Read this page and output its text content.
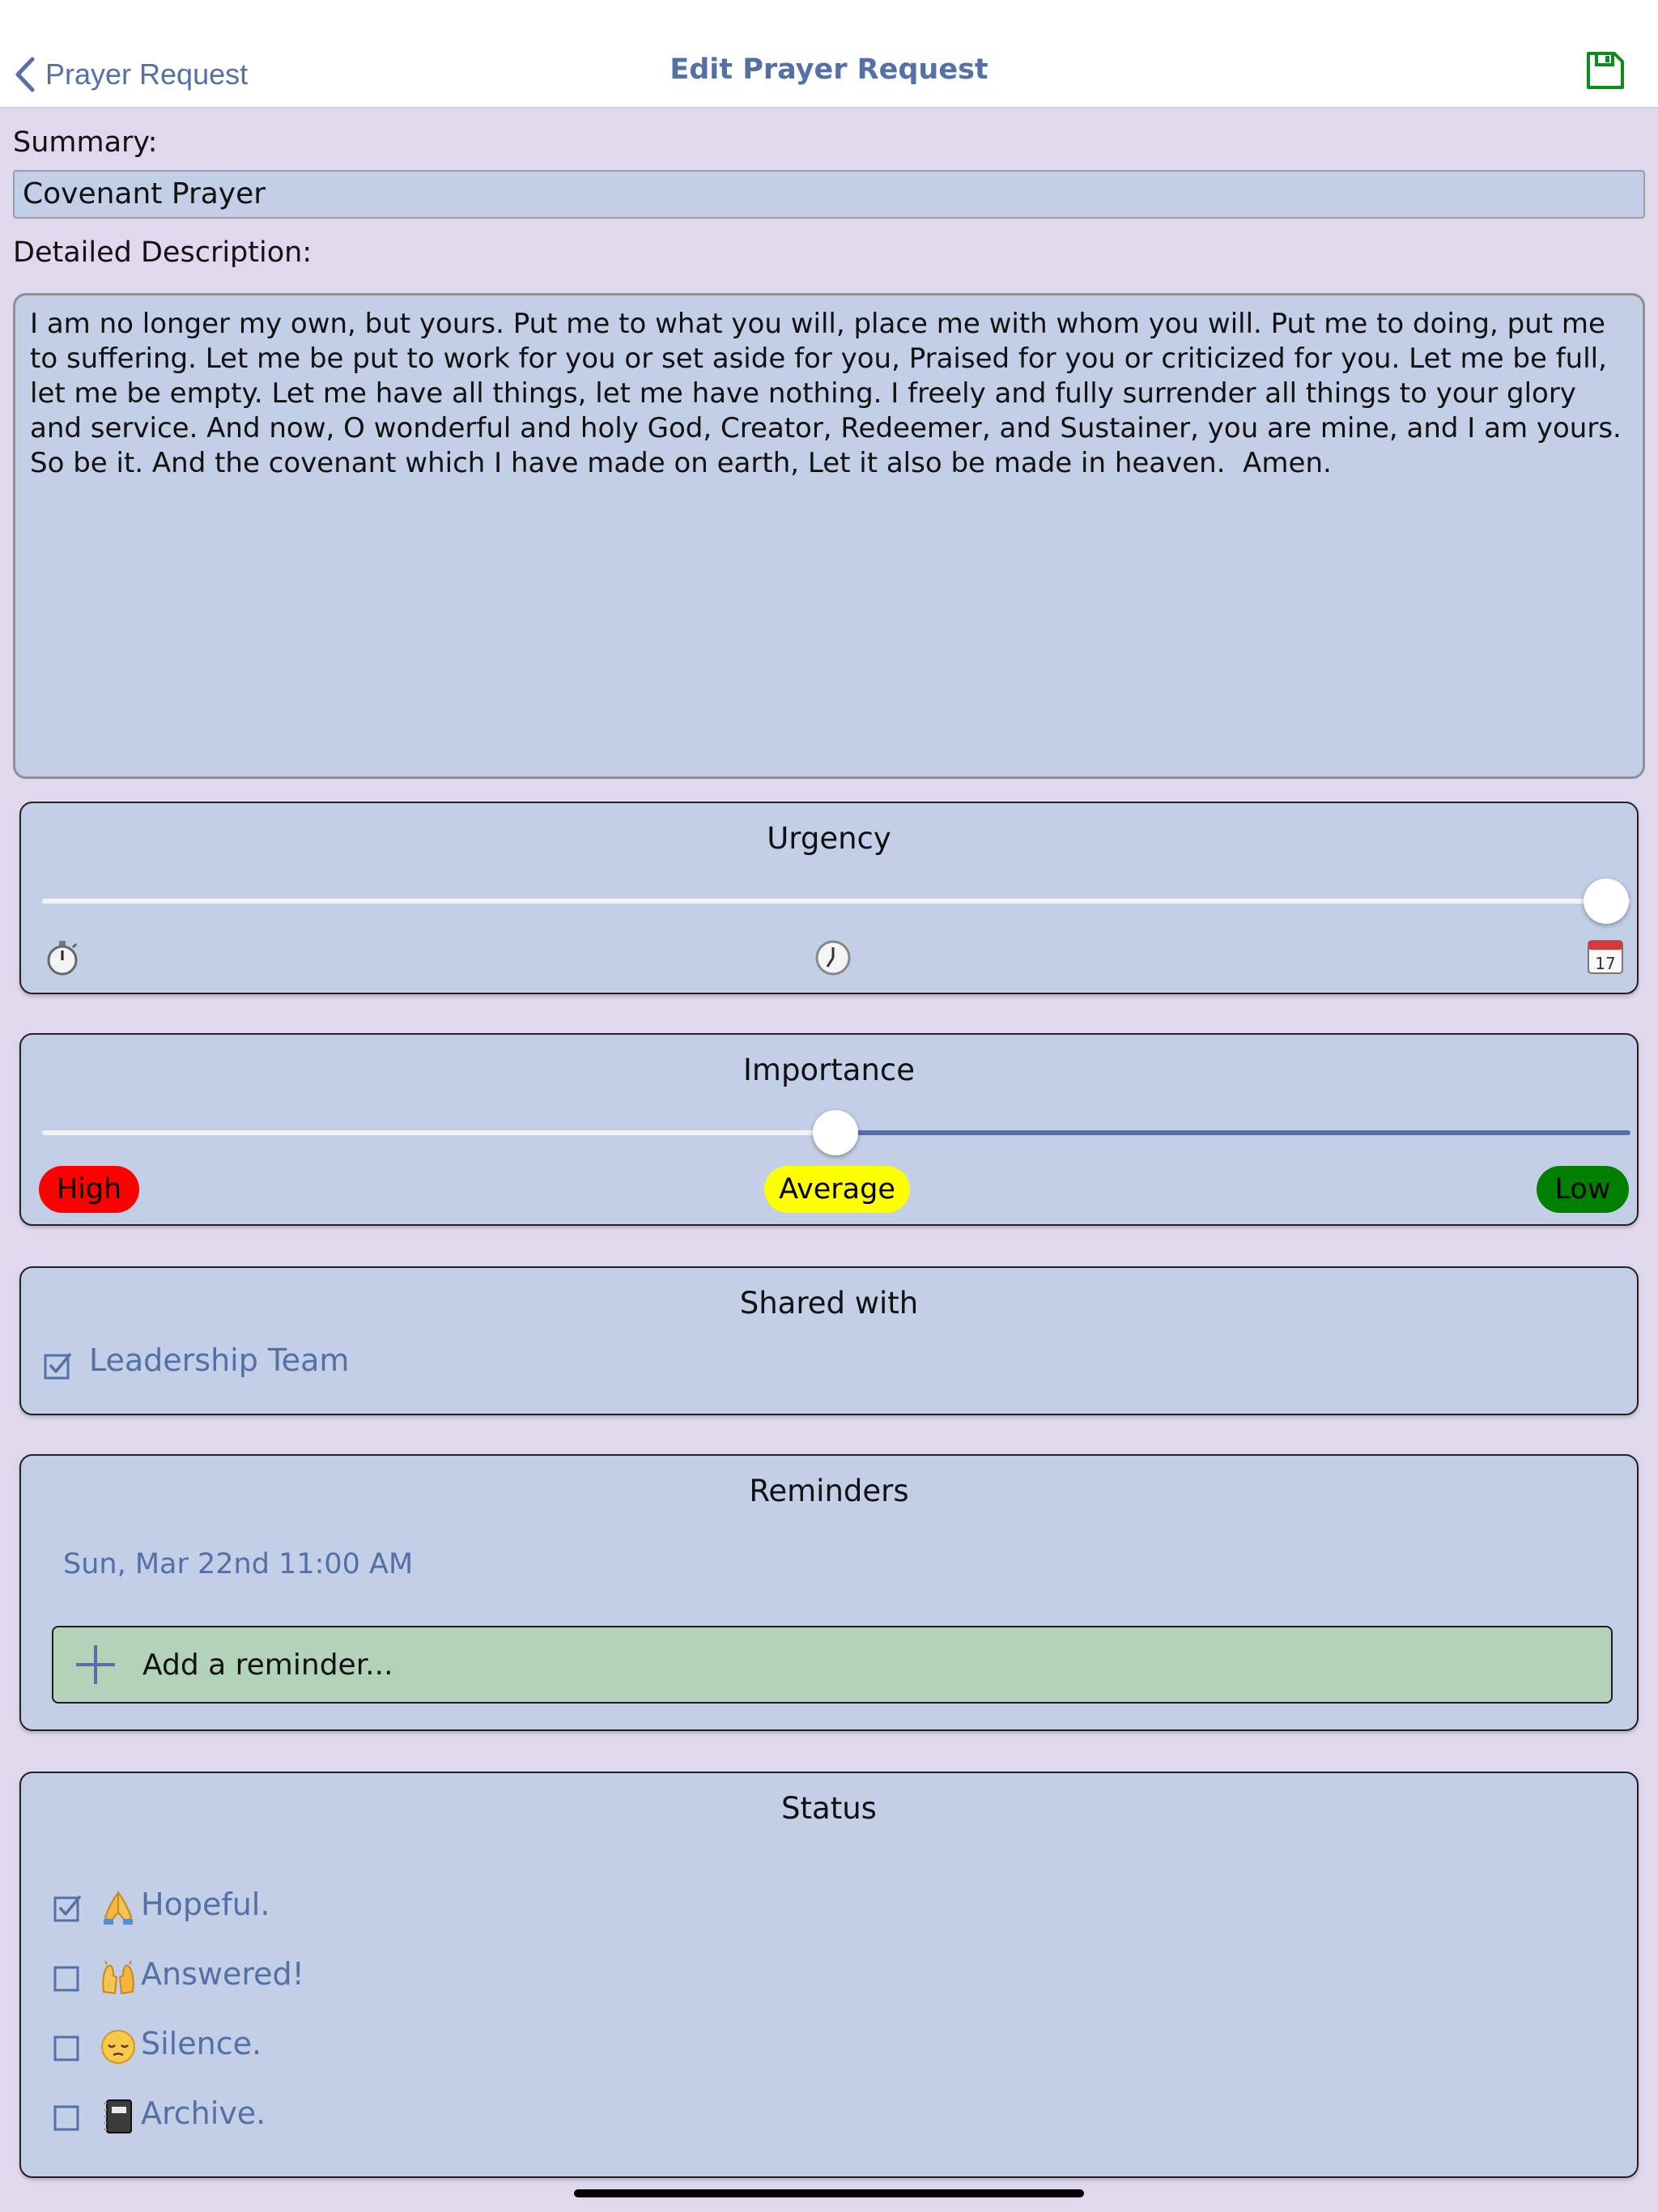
Prayer Request	Edit Prayer Request
Summary:
Covenant Prayer
Detailed Description:
I am no longer my own, but yours. Put me to what you will, place me with whom you will. Put me to doing, put me to suffering. Let me be put to work for you or set aside for you, Praised for you or criticized for you. Let me be full, let me be empty. Let me have all things, let me have nothing. I freely and fully surrender all things to your glory and service. And now, O wonderful and holy God, Creator, Redeemer, and Sustainer, you are mine, and I am yours. So be it. And the covenant which I have made on earth, Let it also be made in heaven.  Amen.
Urgency
17
Importance
High	Average	Low
Shared with
Leadership Team
Reminders
Sun, Mar 22nd 11:00 AM
Add a reminder...
Status
Hopeful.
Answered!
Silence.
Archive.
